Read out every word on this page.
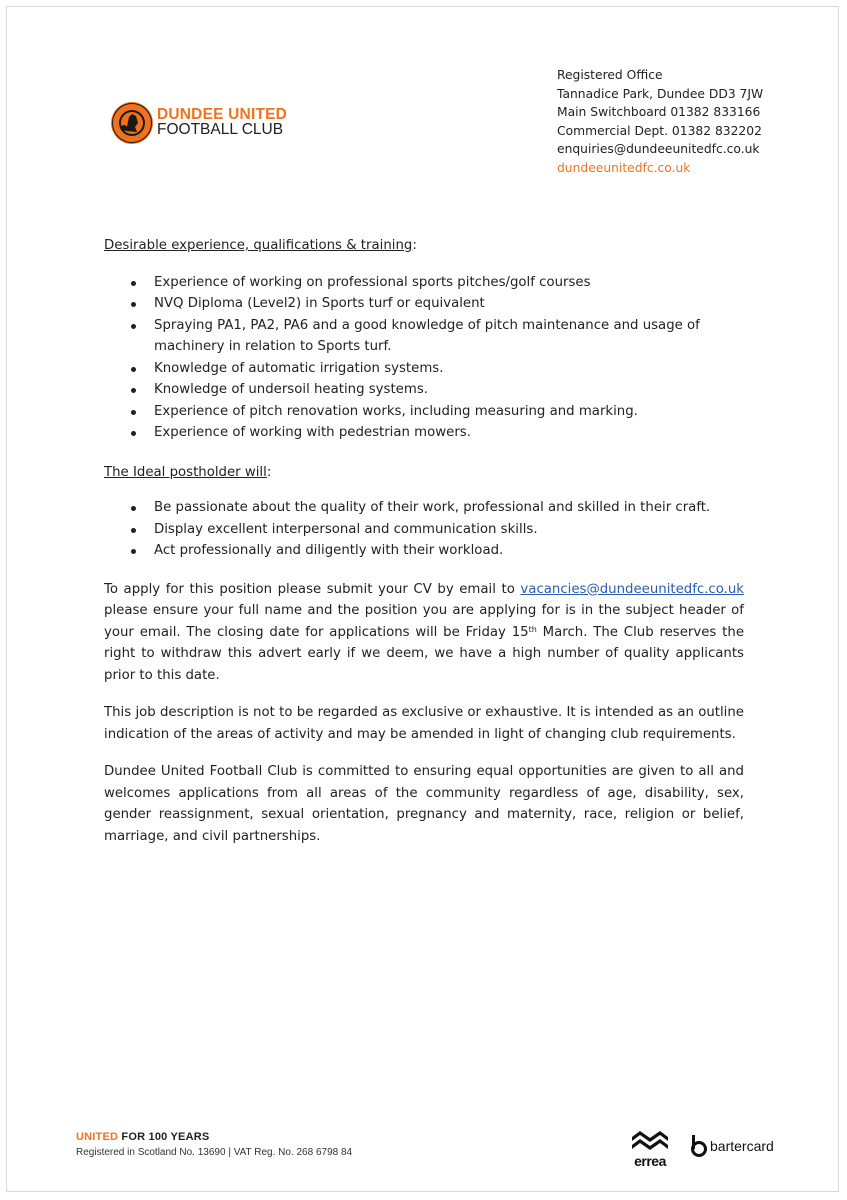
DUNDEE UNITED
FOOTBALL CLUB
Registered Office
Tannadice Park, Dundee DD3 7JW
Main Switchboard 01382 833166
Commercial Dept. 01382 832202
enquiries@dundeeunitedfc.co.uk
dundeeunitedfc.co.uk
Desirable experience, qualifications & training:
Experience of working on professional sports pitches/golf courses
NVQ Diploma (Level2) in Sports turf or equivalent
Spraying PA1, PA2, PA6 and a good knowledge of pitch maintenance and usage of machinery in relation to Sports turf.
Knowledge of automatic irrigation systems.
Knowledge of undersoil heating systems.
Experience of pitch renovation works, including measuring and marking.
Experience of working with pedestrian mowers.
The Ideal postholder will:
Be passionate about the quality of their work, professional and skilled in their craft.
Display excellent interpersonal and communication skills.
Act professionally and diligently with their workload.

To apply for this position please submit your CV by email to vacancies@dundeeunitedfc.co.uk please ensure your full name and the position you are applying for is in the subject header of your email. The closing date for applications will be Friday 15th March. The Club reserves the right to withdraw this advert early if we deem, we have a high number of quality applicants prior to this date.

This job description is not to be regarded as exclusive or exhaustive. It is intended as an outline indication of the areas of activity and may be amended in light of changing club requirements.

Dundee United Football Club is committed to ensuring equal opportunities are given to all and welcomes applications from all areas of the community regardless of age, disability, sex, gender reassignment, sexual orientation, pregnancy and maternity, race, religion or belief, marriage, and civil partnerships.

UNITED FOR 100 YEARS
Registered in Scotland No. 13690 | VAT Reg. No. 268 6798 84
errea
bartercard
